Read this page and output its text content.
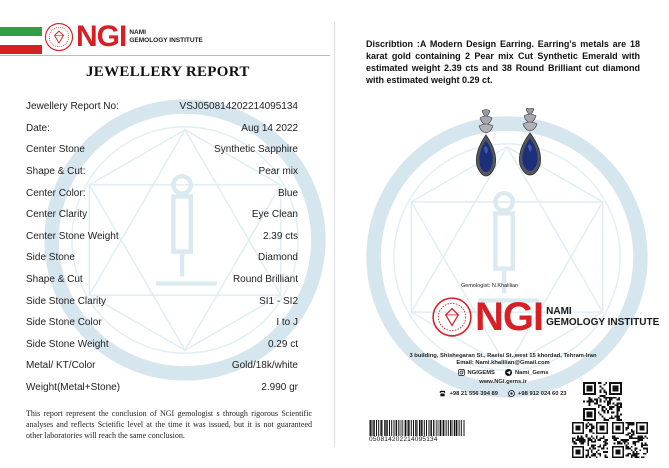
NGI NAMI
GEMOLOGY INSTITUTE
JEWELLERY REPORT
Jewellery Report No:	VSJ050814202214095134
Date:	Aug 14 2022
Center Stone	Synthetic Sapphire
Shape & Cut:	Pear mix
Center Color:	Blue
Center Clarity	Eye Clean
Center Stone Weight	2.39 cts
Side Stone	Diamond
Shape & Cut	Round Brilliant
Side Stone Clarity	SI1 - SI2
Side Stone Color	I to J
Side Stone Weight	0.29 ct
Metal/ KT/Color	Gold/18k/white
Weight(Metal+Stone)	2.990 gr
This report represent the conclusion of NGI gemologist s through rigorous Scientific analyses and reflects Scietific level at the time it was issued, but it is not guaranteed other laboratories will reach the same conclusion.
Discribtion :A Modern Design Earring. Earring’s metals are 18 karat gold containing 2 Pear mix Cut Synthetic Emerald with estimated weight 2.39 cts and 38 Round Brilliant cut diamond with estimated weight 0.29 ct.
Gemologist: N.Khalilian
NGI NAMI
GEMOLOGY INSTITUTE
3 building, Shishegaran St., Raeisi St.,west 15 khordad, Tehram-Iran
Email: Nami.khalilian@Gmail.com
NGIGEMS	Nami_Gems
www.NGI.gems.ir
+98 21 556 394 89	+98 912 024 60 23
050814202214095134
